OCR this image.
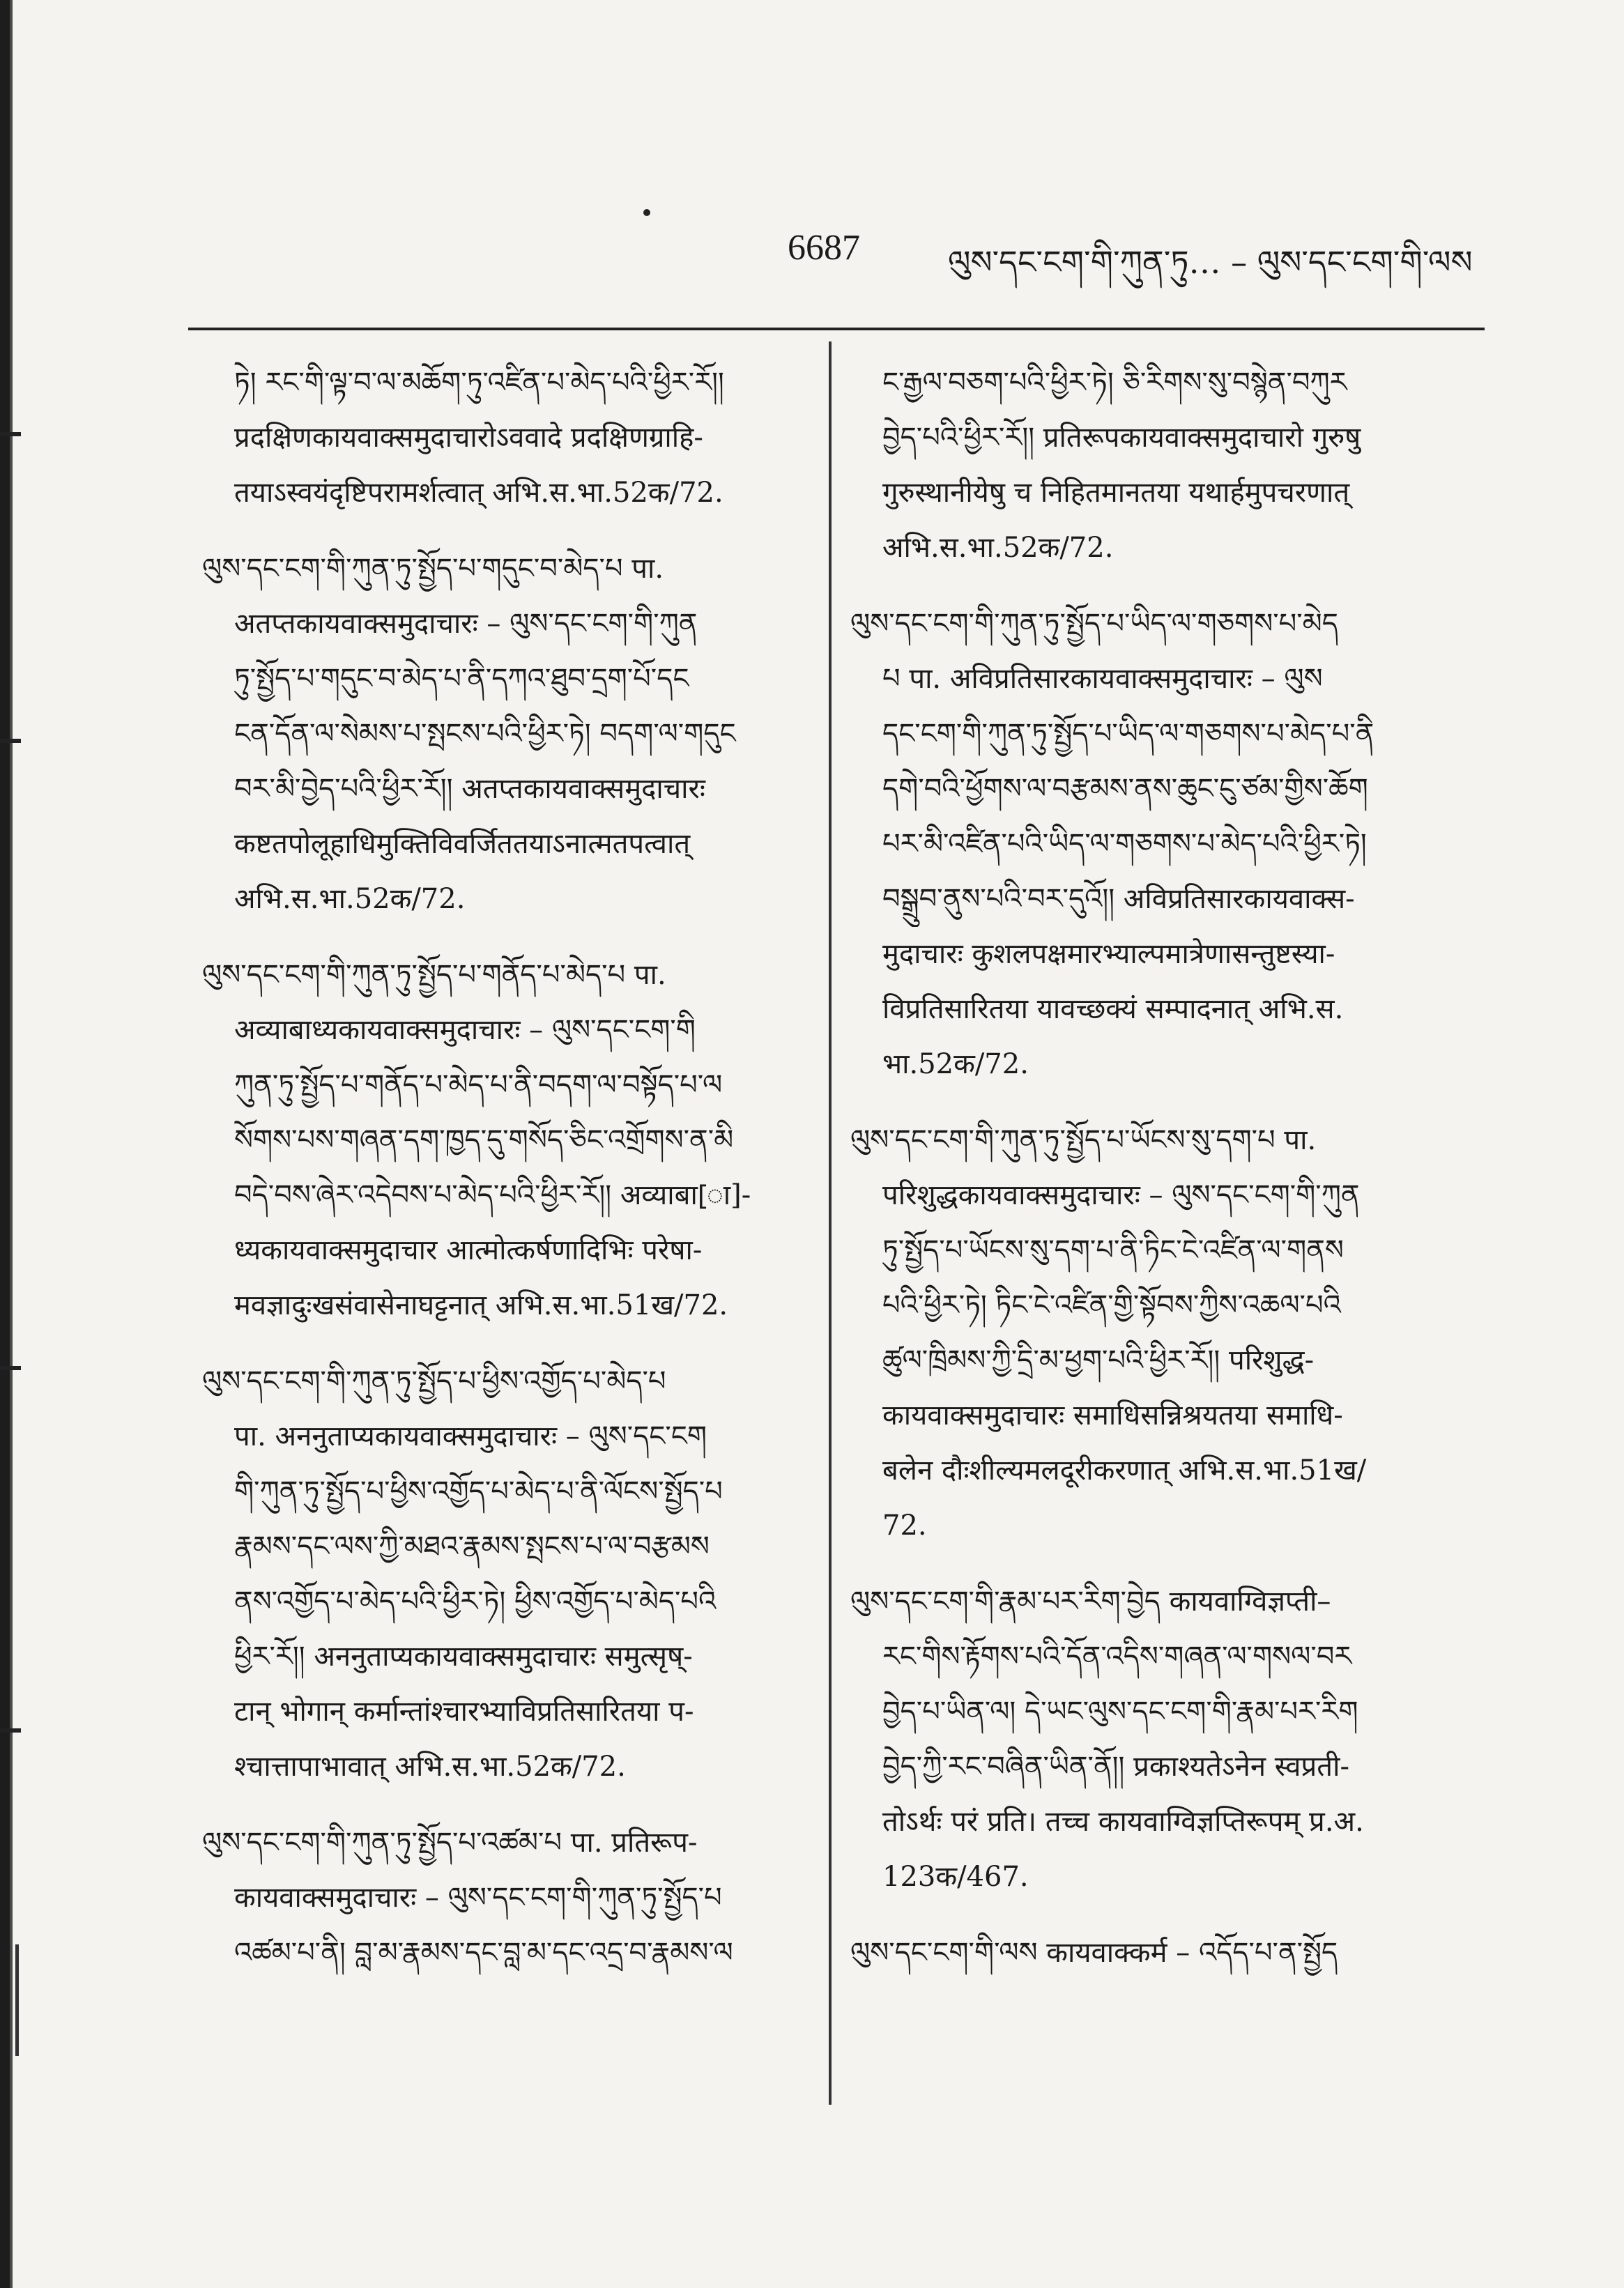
6687	ལུས་དང་ངག་གི་ཀུན་ཏུ… – ལུས་དང་ངག་གི་ལས
ཏེ། རང་གི་ལྟ་བ་ལ་མཆོག་ཏུ་འཛིན་པ་མེད་པའི་ཕྱིར་རོ།།
प्रदक्षिणकायवाक्समुदाचारोऽववादे प्रदक्षिणग्राहि-
तयाऽस्वयंदृष्टिपरामर्शत्वात् अभि.स.भा.52क/72.
ལུས་དང་ངག་གི་ཀུན་ཏུ་སྤྱོད་པ་གདུང་བ་མེད་པ पा.
अतप्तकायवाक्समुदाचारः – ལུས་དང་ངག་གི་ཀུན
ཏུ་སྤྱོད་པ་གདུང་བ་མེད་པ་ནི་དཀའ་ཐུབ་དྲག་པོ་དང
ངན་དོན་ལ་སེམས་པ་སྤངས་པའི་ཕྱིར་ཏེ། བདག་ལ་གདུང
བར་མི་བྱེད་པའི་ཕྱིར་རོ།། अतप्तकायवाक्समुदाचारः
कष्टतपोलूहाधिमुक्तिविवर्जिततयाऽनात्मतपत्वात्
अभि.स.भा.52क/72.
ལུས་དང་ངག་གི་ཀུན་ཏུ་སྤྱོད་པ་གནོད་པ་མེད་པ पा.
अव्याबाध्यकायवाक्समुदाचारः – ལུས་དང་ངག་གི
ཀུན་ཏུ་སྤྱོད་པ་གནོད་པ་མེད་པ་ནི་བདག་ལ་བསྟོད་པ་ལ
སོགས་པས་གཞན་དག་ཁྱད་དུ་གསོད་ཅིང་འགྲོགས་ན་མི
བདེ་བས་ཞེར་འདེབས་པ་མེད་པའི་ཕྱིར་རོ།། अव्याबा[ा]-
ध्यकायवाक्समुदाचार आत्मोत्कर्षणादिभिः परेषा-
मवज्ञादुःखसंवासेनाघट्टनात् अभि.स.भा.51ख/72.
ལུས་དང་ངག་གི་ཀུན་ཏུ་སྤྱོད་པ་ཕྱིས་འགྱོད་པ་མེད་པ
पा. अननुताप्यकायवाक्समुदाचारः – ལུས་དང་ངག
གི་ཀུན་ཏུ་སྤྱོད་པ་ཕྱིས་འགྱོད་པ་མེད་པ་ནི་ལོངས་སྤྱོད་པ
རྣམས་དང་ལས་ཀྱི་མཐའ་རྣམས་སྤངས་པ་ལ་བརྩམས
ནས་འགྱོད་པ་མེད་པའི་ཕྱིར་ཏེ། ཕྱིས་འགྱོད་པ་མེད་པའི
ཕྱིར་རོ།། अननुताप्यकायवाक्समुदाचारः समुत्सृष्-
टान् भोगान् कर्मान्तांश्चारभ्याविप्रतिसारितया प-
श्चात्तापाभावात् अभि.स.भा.52क/72.
ལུས་དང་ངག་གི་ཀུན་ཏུ་སྤྱོད་པ་འཚམ་པ पा. प्रतिरूप-
कायवाक्समुदाचारः – ལུས་དང་ངག་གི་ཀུན་ཏུ་སྤྱོད་པ
འཚམ་པ་ནི། བླ་མ་རྣམས་དང་བླ་མ་དང་འདྲ་བ་རྣམས་ལ
ང་རྒྱལ་བཅག་པའི་ཕྱིར་ཏེ། ཅི་རིགས་སུ་བསྙེན་བཀུར
བྱེད་པའི་ཕྱིར་རོ།། प्रतिरूपकायवाक्समुदाचारो गुरुषु
गुरुस्थानीयेषु च निहितमानतया यथार्हमुपचरणात्
अभि.स.भा.52क/72.
ལུས་དང་ངག་གི་ཀུན་ཏུ་སྤྱོད་པ་ཡིད་ལ་གཅགས་པ་མེད
པ पा. अविप्रतिसारकायवाक्समुदाचारः – ལུས
དང་ངག་གི་ཀུན་ཏུ་སྤྱོད་པ་ཡིད་ལ་གཅགས་པ་མེད་པ་ནི
དགེ་བའི་ཕྱོགས་ལ་བརྩམས་ནས་ཆུང་ངུ་ཙམ་གྱིས་ཆོག
པར་མི་འཛིན་པའི་ཡིད་ལ་གཅགས་པ་མེད་པའི་ཕྱིར་ཏེ།
བསྒྲུབ་ནུས་པའི་བར་དུའོ།། अविप्रतिसारकायवाक्स-
मुदाचारः कुशलपक्षमारभ्याल्पमात्रेणासन्तुष्टस्या-
विप्रतिसारितया यावच्छक्यं सम्पादनात् अभि.स.
भा.52क/72.
ལུས་དང་ངག་གི་ཀུན་ཏུ་སྤྱོད་པ་ཡོངས་སུ་དག་པ पा.
परिशुद्धकायवाक्समुदाचारः – ལུས་དང་ངག་གི་ཀུན
ཏུ་སྤྱོད་པ་ཡོངས་སུ་དག་པ་ནི་ཏིང་ངེ་འཛིན་ལ་གནས
པའི་ཕྱིར་ཏེ། ཏིང་ངེ་འཛིན་གྱི་སྟོབས་ཀྱིས་འཆལ་པའི
ཚུལ་ཁྲིམས་ཀྱི་དྲི་མ་ཕྱག་པའི་ཕྱིར་རོ།། परिशुद्ध-
कायवाक्समुदाचारः समाधिसन्निश्रयतया समाधि-
बलेन दौःशील्यमलदूरीकरणात् अभि.स.भा.51ख/
72.
ལུས་དང་ངག་གི་རྣམ་པར་རིག་བྱེད कायवाग्विज्ञप्ती–
རང་གིས་རྟོགས་པའི་དོན་འདིས་གཞན་ལ་གསལ་བར
བྱེད་པ་ཡིན་ལ། དེ་ཡང་ལུས་དང་ངག་གི་རྣམ་པར་རིག
བྱེད་ཀྱི་རང་བཞིན་ཡིན་ནོ།། प्रकाश्यतेऽनेन स्वप्रती-
तोऽर्थः परं प्रति। तच्च कायवाग्विज्ञप्तिरूपम् प्र.अ.
123क/467.
ལུས་དང་ངག་གི་ལས कायवाक्कर्म – འདོད་པ་ན་སྤྱོད
